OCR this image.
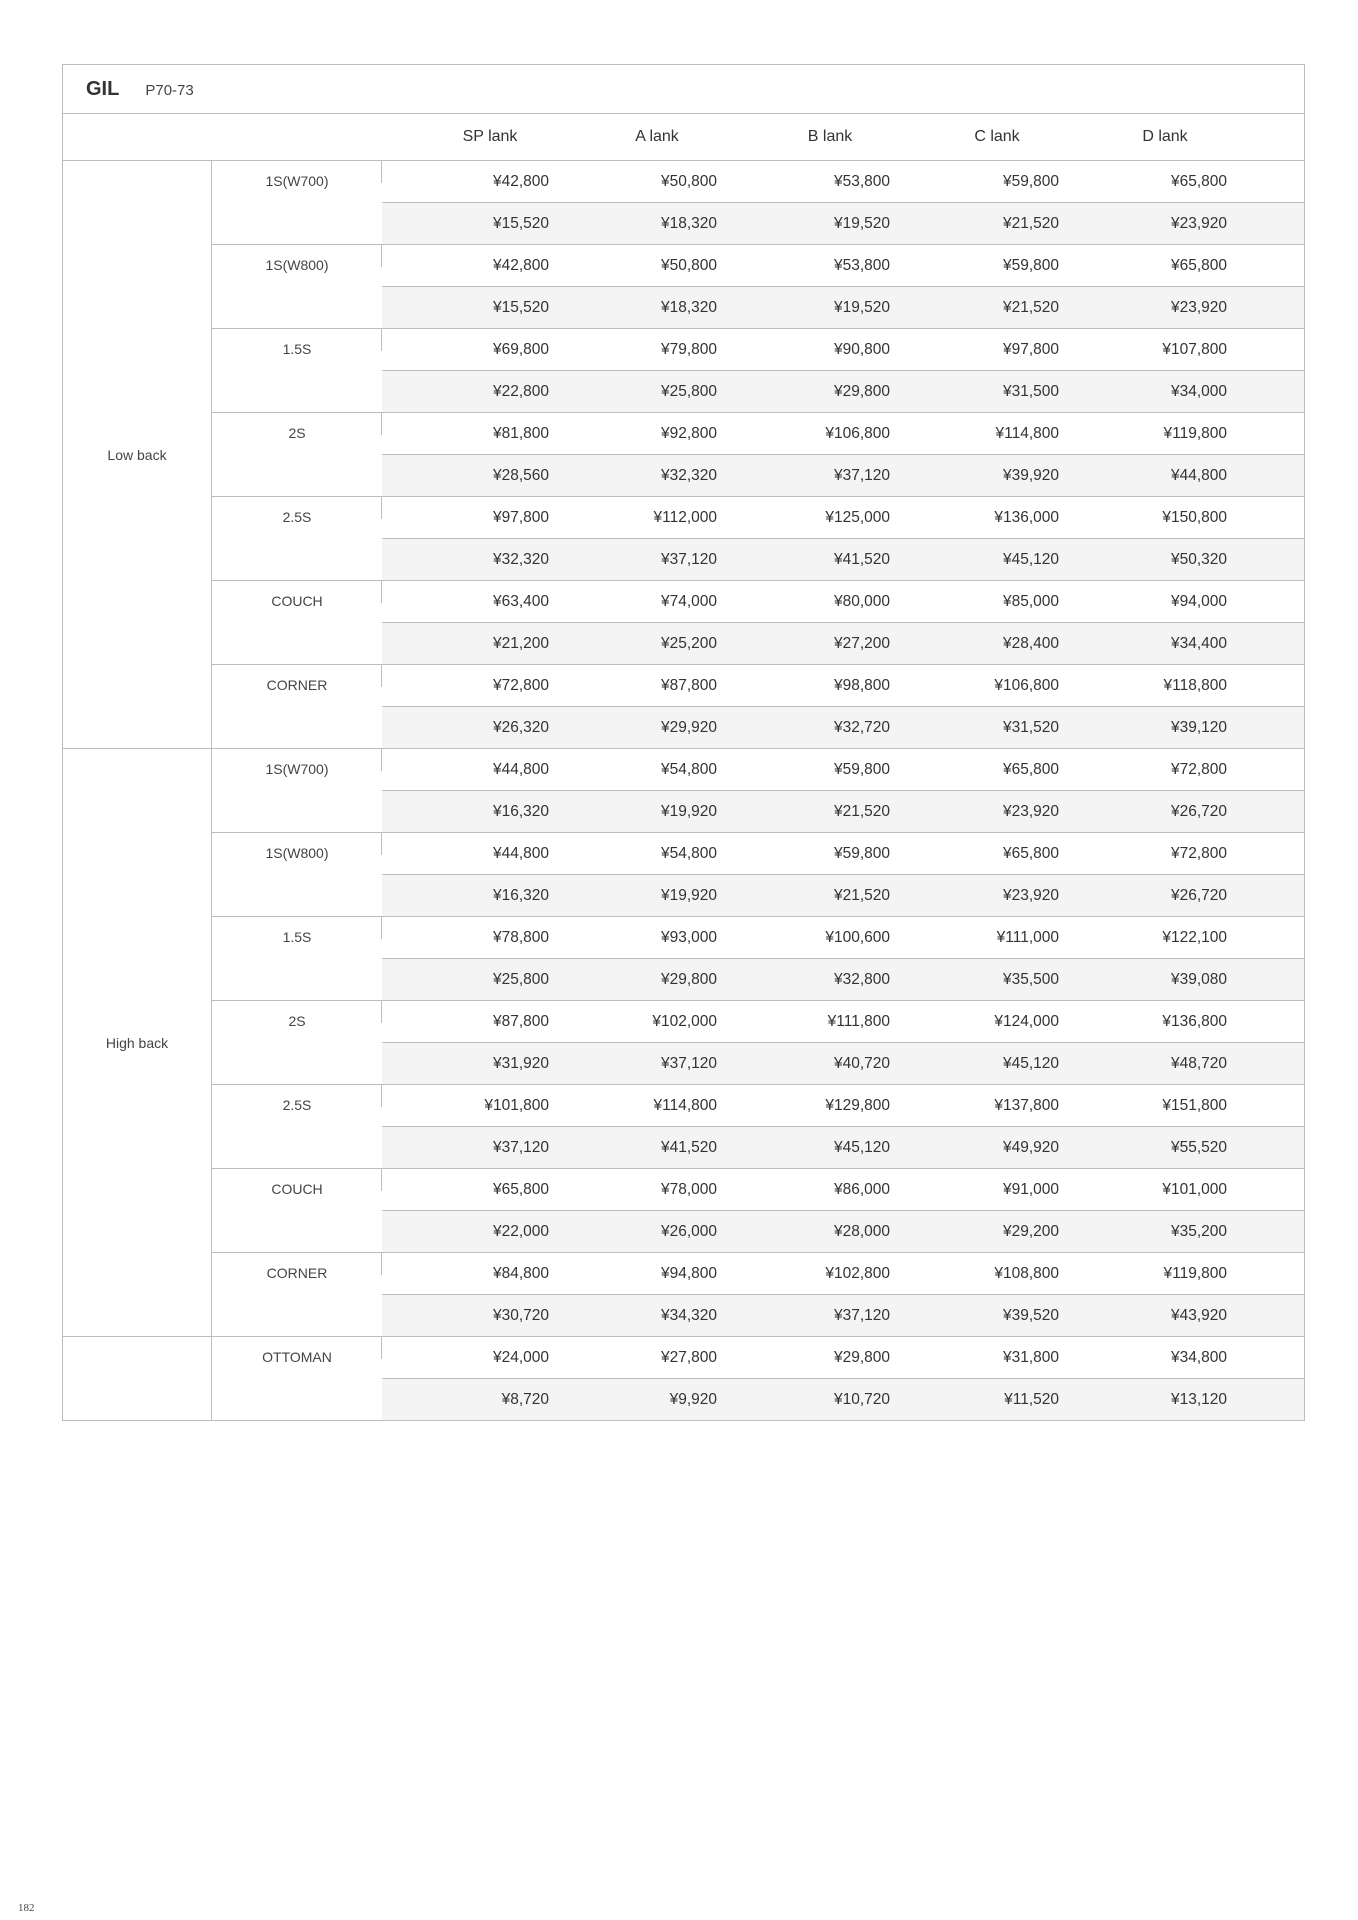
GIL P70-73
SP lank	A lank	B lank	C lank	D lank
Low back
1S(W700)	¥42,800	¥50,800	¥53,800	¥59,800	¥65,800
¥15,520	¥18,320	¥19,520	¥21,520	¥23,920
1S(W800)	¥42,800	¥50,800	¥53,800	¥59,800	¥65,800
¥15,520	¥18,320	¥19,520	¥21,520	¥23,920
1.5S	¥69,800	¥79,800	¥90,800	¥97,800	¥107,800
¥22,800	¥25,800	¥29,800	¥31,500	¥34,000
2S	¥81,800	¥92,800	¥106,800	¥114,800	¥119,800
¥28,560	¥32,320	¥37,120	¥39,920	¥44,800
2.5S	¥97,800	¥112,000	¥125,000	¥136,000	¥150,800
¥32,320	¥37,120	¥41,520	¥45,120	¥50,320
COUCH	¥63,400	¥74,000	¥80,000	¥85,000	¥94,000
¥21,200	¥25,200	¥27,200	¥28,400	¥34,400
CORNER	¥72,800	¥87,800	¥98,800	¥106,800	¥118,800
¥26,320	¥29,920	¥32,720	¥31,520	¥39,120
High back
1S(W700)	¥44,800	¥54,800	¥59,800	¥65,800	¥72,800
¥16,320	¥19,920	¥21,520	¥23,920	¥26,720
1S(W800)	¥44,800	¥54,800	¥59,800	¥65,800	¥72,800
¥16,320	¥19,920	¥21,520	¥23,920	¥26,720
1.5S	¥78,800	¥93,000	¥100,600	¥111,000	¥122,100
¥25,800	¥29,800	¥32,800	¥35,500	¥39,080
2S	¥87,800	¥102,000	¥111,800	¥124,000	¥136,800
¥31,920	¥37,120	¥40,720	¥45,120	¥48,720
2.5S	¥101,800	¥114,800	¥129,800	¥137,800	¥151,800
¥37,120	¥41,520	¥45,120	¥49,920	¥55,520
COUCH	¥65,800	¥78,000	¥86,000	¥91,000	¥101,000
¥22,000	¥26,000	¥28,000	¥29,200	¥35,200
CORNER	¥84,800	¥94,800	¥102,800	¥108,800	¥119,800
¥30,720	¥34,320	¥37,120	¥39,520	¥43,920
OTTOMAN	¥24,000	¥27,800	¥29,800	¥31,800	¥34,800
¥8,720	¥9,920	¥10,720	¥11,520	¥13,120
182
